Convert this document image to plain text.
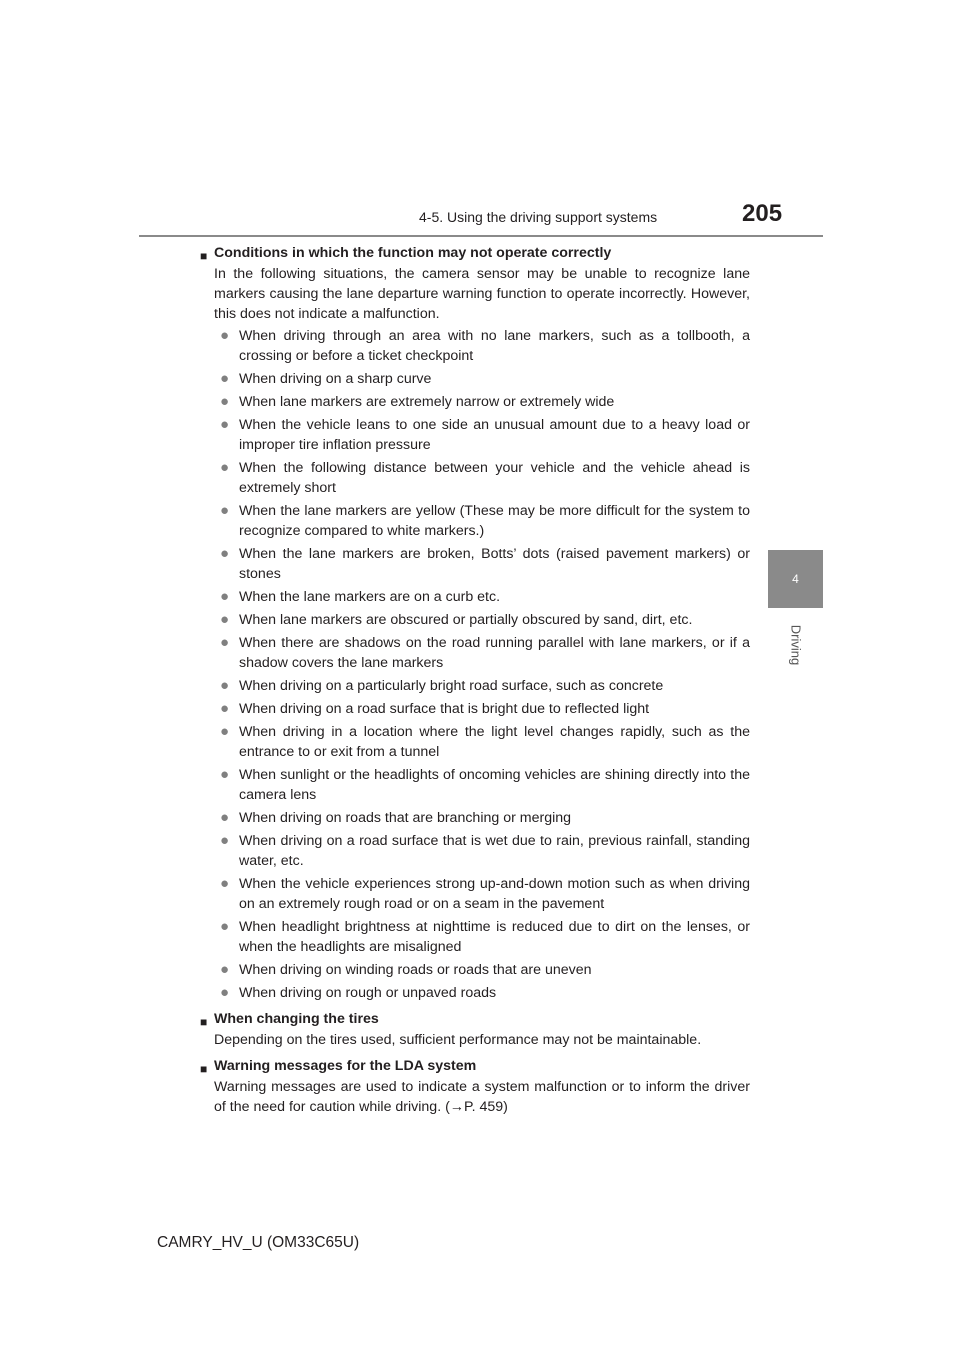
4-5. Using the driving support systems	205
4
Driving
■ Conditions in which the function may not operate correctly
In the following situations, the camera sensor may be unable to recognize lane markers causing the lane departure warning function to operate incorrectly. However, this does not indicate a malfunction.
● When driving through an area with no lane markers, such as a tollbooth, a crossing or before a ticket checkpoint
● When driving on a sharp curve
● When lane markers are extremely narrow or extremely wide
● When the vehicle leans to one side an unusual amount due to a heavy load or improper tire inflation pressure
● When the following distance between your vehicle and the vehicle ahead is extremely short
● When the lane markers are yellow (These may be more difficult for the system to recognize compared to white markers.)
● When the lane markers are broken, Botts’ dots (raised pavement markers) or stones
● When the lane markers are on a curb etc.
● When lane markers are obscured or partially obscured by sand, dirt, etc.
● When there are shadows on the road running parallel with lane markers, or if a shadow covers the lane markers
● When driving on a particularly bright road surface, such as concrete
● When driving on a road surface that is bright due to reflected light
● When driving in a location where the light level changes rapidly, such as the entrance to or exit from a tunnel
● When sunlight or the headlights of oncoming vehicles are shining directly into the camera lens
● When driving on roads that are branching or merging
● When driving on a road surface that is wet due to rain, previous rainfall, standing water, etc.
● When the vehicle experiences strong up-and-down motion such as when driving on an extremely rough road or on a seam in the pavement
● When headlight brightness at nighttime is reduced due to dirt on the lenses, or when the headlights are misaligned
● When driving on winding roads or roads that are uneven
● When driving on rough or unpaved roads
■ When changing the tires
Depending on the tires used, sufficient performance may not be maintainable.
■ Warning messages for the LDA system
Warning messages are used to indicate a system malfunction or to inform the driver of the need for caution while driving. (→P. 459)
CAMRY_HV_U (OM33C65U)
